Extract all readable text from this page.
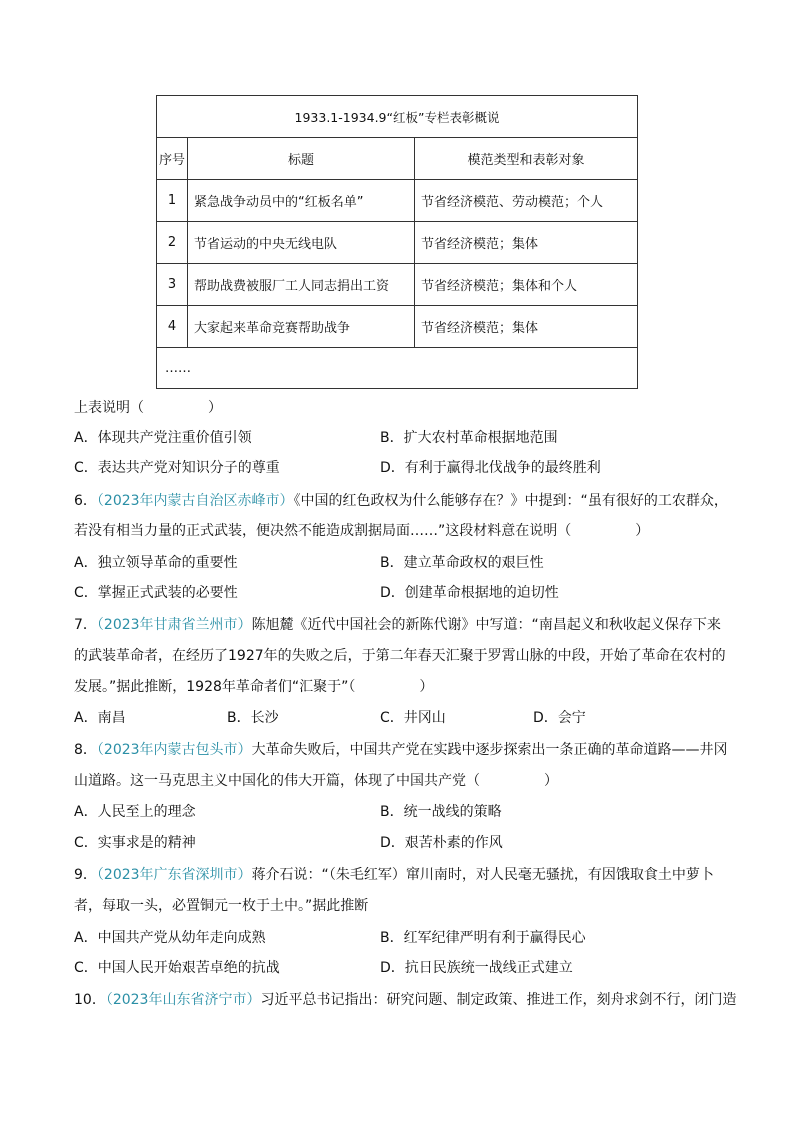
1933.1-1934.9“红板”专栏表彰概说		
序号	标题	模范类型和表彰对象
1	紧急战争动员中的“红板名单”	节省经济模范、劳动模范；个人
2	节省运动的中央无线电队	节省经济模范；集体
3	帮助战费被服厂工人同志捐出工资	节省经济模范；集体和个人
4	大家起来革命竞赛帮助战争	节省经济模范；集体
……		
上表说明（	）
A．体现共产党注重价值引领	B．扩大农村革命根据地范围
C．表达共产党对知识分子的尊重	D．有利于赢得北伐战争的最终胜利
6．（2023年内蒙古自治区赤峰市）《中国的红色政权为什么能够存在？》中提到：“虽有很好的工农群众，
若没有相当力量的正式武装，便决然不能造成割据局面……”这段材料意在说明（	）
A．独立领导革命的重要性	B．建立革命政权的艰巨性
C．掌握正式武装的必要性	D．创建革命根据地的迫切性
7．（2023年甘肃省兰州市）陈旭麓《近代中国社会的新陈代谢》中写道：“南昌起义和秋收起义保存下来
的武装革命者，在经历了1927年的失败之后，于第二年春天汇聚于罗霄山脉的中段，开始了革命在农村的
发展。”据此推断，1928年革命者们“汇聚于”（	）
A．南昌	B．长沙	C．井冈山	D．会宁
8．（2023年内蒙古包头市）大革命失败后，中国共产党在实践中逐步探索出一条正确的革命道路——井冈
山道路。这一马克思主义中国化的伟大开篇，体现了中国共产党（	）
A．人民至上的理念	B．统一战线的策略
C．实事求是的精神	D．艰苦朴素的作风
9．（2023年广东省深圳市）蒋介石说：“（朱毛红军）窜川南时，对人民毫无骚扰，有因饿取食土中萝卜
者，每取一头，必置铜元一枚于土中。”据此推断
A．中国共产党从幼年走向成熟	B．红军纪律严明有利于赢得民心
C．中国人民开始艰苦卓绝的抗战	D．抗日民族统一战线正式建立
10．（2023年山东省济宁市）习近平总书记指出：研究问题、制定政策、推进工作，刻舟求剑不行，闭门造
